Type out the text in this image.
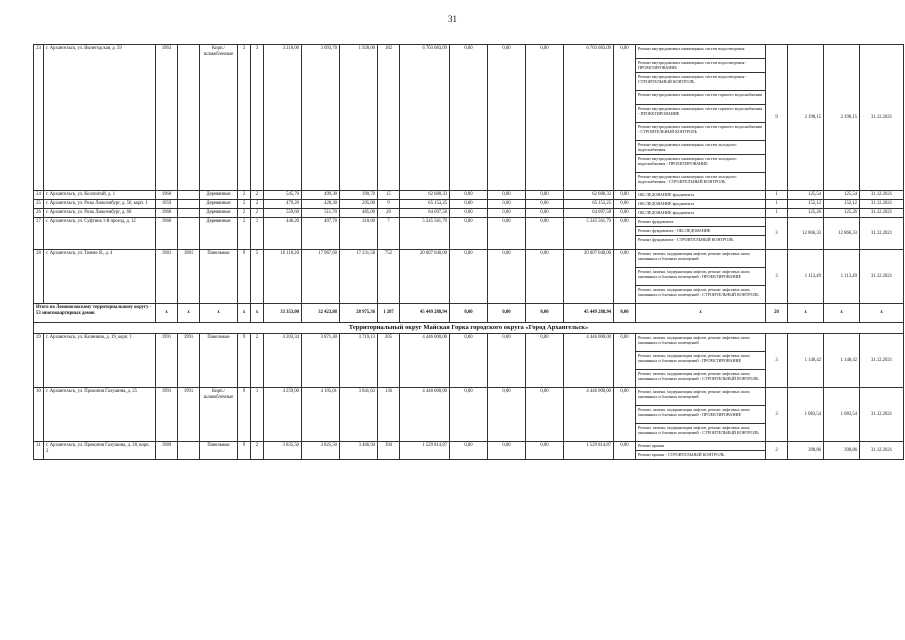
31
23	г. Архангельск, ул. Вычегодская, д. 59	1963		Кирп./ шлакоблочные	2	3	3 218,00	3 093,70	1 928,00	182	6 703 683,09	0,00	0,00	0,00	6 703 683,09	0,00	Ремонт внутридомовых инженерных систем водоотведения	9	2 198,15	2 198,15	31.12.2021
																	Ремонт внутридомовых инженерных систем водоотведения - ПРОЕКТИРОВАНИЕ				
																	Ремонт внутридомовых инженерных систем водоотведения - СТРОИТЕЛЬНЫЙ КОНТРОЛЬ				
																	Ремонт внутридомовых инженерных систем горячего водоснабжения				
																	Ремонт внутридомовых инженерных систем горячего водоснабжения - ПРОЕКТИРОВАНИЕ				
																	Ремонт внутридомовых инженерных систем горячего водоснабжения - СТРОИТЕЛЬНЫЙ КОНТРОЛЬ				
																	Ремонт внутридомовых инженерных систем холодного водоснабжения				
																	Ремонт внутридомовых инженерных систем холодного водоснабжения - ПРОЕКТИРОВАНИЕ				
																	Ремонт внутридомовых инженерных систем холодного водоснабжения - СТРОИТЕЛЬНЫЙ КОНТРОЛЬ				
24	г. Архангельск, ул. Коллонтай, д. 1	1960		Деревянные	2	2	545,70	499,30	390,70	15	62 680,33	0,00	0,00	0,00	62 680,33	0,00	ОБСЛЕДОВАНИЕ фундамента	1	125,54	125,54	31.12.2021
25	г. Архангельск, ул. Розы Люксембург, д. 56, корп. 1	1959		Деревянные	2	2	479,20	428,30	295,00	9	65 153,25	0,00	0,00	0,00	65 153,25	0,00	ОБСЛЕДОВАНИЕ фундамента	1	152,12	152,12	31.12.2021
26	г. Архангельск, ул. Розы Люксембург, д. 60	1960		Деревянные	2	2	559,60	511,70	485,00	20	64 097,58	0,00	0,00	0,00	64 097,58	0,00	ОБСЛЕДОВАНИЕ фундамента	1	125,26	125,26	31.12.2021
27	г. Архангельск, ул. Суфтина 1-й проезд, д. 12	1960		Деревянные	2	1	446,20	407,70	310,60	7	5 245 561,79	0,00	0,00	0,00	5 245 561,79	0,00	Ремонт фундамента	3	12 866,33	12 866,33	31.12.2021
																	Ремонт фундамента - ОБСЛЕДОВАНИЕ				
																	Ремонт фундамента - СТРОИТЕЛЬНЫЙ КОНТРОЛЬ				
28	г. Архангельск, ул. Тимме Я., д. 4	1981	1981	Панельные	9	5	16 118,20	17 967,60	17 231,58	752	20 007 040,00	0,00	0,00	0,00	20 007 040,00	0,00	Ремонт, замена, модернизация лифтов, ремонт лифтовых шахт, машинных и блочных помещений	3	1 113,49	1 113,49	31.12.2021
																	Ремонт, замена, модернизация лифтов, ремонт лифтовых шахт, машинных и блочных помещений - ПРОЕКТИРОВАНИЕ				
																	Ремонт, замена, модернизация лифтов, ремонт лифтовых шахт, машинных и блочных помещений - СТРОИТЕЛЬНЫЙ КОНТРОЛЬ				
Итого по Ломоносовскому территориальному округу - 53 многоквартирных домов		x	x	x	x	x	33 353,00	32 423,88	28 975,36	1 287	45 449 288,94	0,00	0,00	0,00	45 449 288,94	0,00	x	20	x	x	x
Территориальный округ Майская Горка городского округа «Город Архангельск»																					
29	г. Архангельск, ул. Калинина, д. 19, корп. 1	1991	1991	Панельные	9	2	4 203,34	3 871,40	3 719,13	205	4 446 000,00	0,00	0,00	0,00	4 446 000,00	0,00	Ремонт, замена, модернизация лифтов, ремонт лифтовых шахт, машинных и блочных помещений	3	1 148,42	1 148,42	31.12.2021
																	Ремонт, замена, модернизация лифтов, ремонт лифтовых шахт, машинных и блочных помещений - ПРОЕКТИРОВАНИЕ				
																	Ремонт, замена, модернизация лифтов, ремонт лифтовых шахт, машинных и блочных помещений - СТРОИТЕЛЬНЫЙ КОНТРОЛЬ				
30	г. Архангельск, ул. Прокопия Галушина, д. 25	1991	1991	Кирп./ шлакоблочные	9	1	4 259,00	4 105,01	3 841,63	136	4 446 000,00	0,00	0,00	0,00	4 446 000,00	0,00	Ремонт, замена, модернизация лифтов, ремонт лифтовых шахт, машинных и блочных помещений	3	1 083,54	1 083,54	31.12.2021
																	Ремонт, замена, модернизация лифтов, ремонт лифтовых шахт, машинных и блочных помещений - ПРОЕКТИРОВАНИЕ				
																	Ремонт, замена, модернизация лифтов, ремонт лифтовых шахт, машинных и блочных помещений - СТРОИТЕЛЬНЫЙ КОНТРОЛЬ				
31	г. Архангельск, ул. Прокопия Галушина, д. 28, корп. 2	1989		Панельные	9	2	3 835,50	3 825,50	3 466,94	194	1 529 814,87	0,00	0,00	0,00	1 529 814,87	0,00	Ремонт крыши	2	398,86	398,86	31.12.2021
																	Ремонт крыши - СТРОИТЕЛЬНЫЙ КОНТРОЛЬ				
